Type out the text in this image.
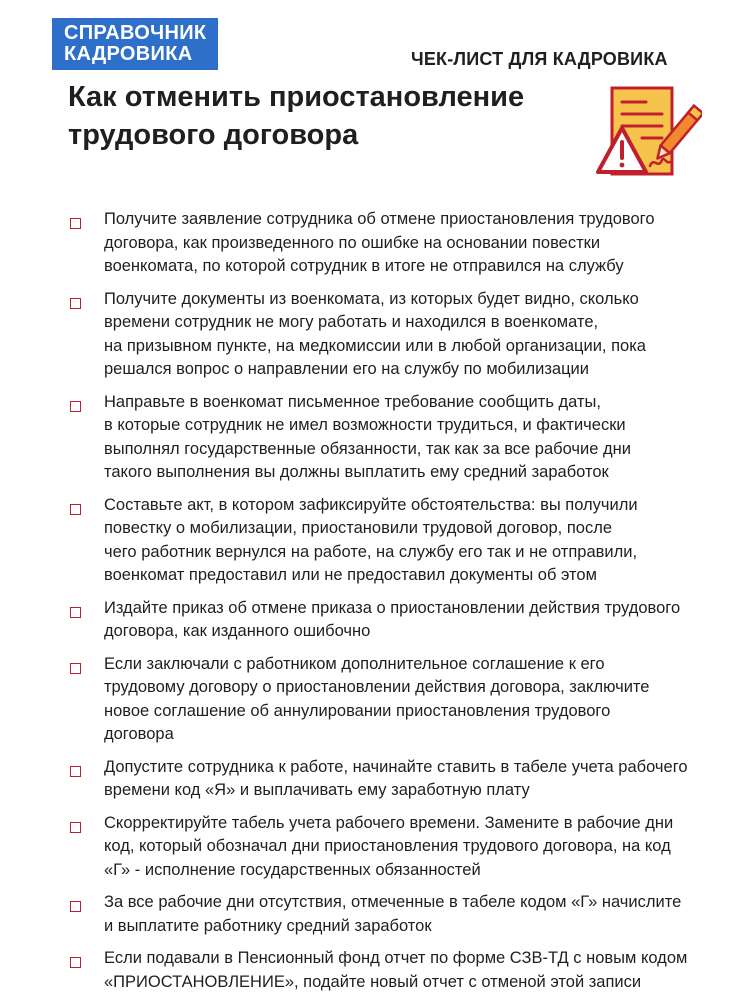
СПРАВОЧНИК
КАДРОВИКА	ЧЕК-ЛИСТ ДЛЯ КАДРОВИКА
Как отменить приостановление
трудового договора
Получите заявление сотрудника об отмене приостановления трудового
договора, как произведенного по ошибке на основании повестки
военкомата, по которой сотрудник в итоге не отправился на службу
Получите документы из военкомата, из которых будет видно, сколько
времени сотрудник не могу работать и находился в военкомате,
на призывном пункте, на медкомиссии или в любой организации, пока
решался вопрос о направлении его на службу по мобилизации
Направьте в военкомат письменное требование сообщить даты,
в которые сотрудник не имел возможности трудиться, и фактически
выполнял государственные обязанности, так как за все рабочие дни
такого выполнения вы должны выплатить ему средний заработок
Составьте акт, в котором зафиксируйте обстоятельства: вы получили
повестку о мобилизации, приостановили трудовой договор, после
чего работник вернулся на работе, на службу его так и не отправили,
военкомат предоставил или не предоставил документы об этом
Издайте приказ об отмене приказа о приостановлении действия трудового
договора, как изданного ошибочно
Если заключали с работником дополнительное соглашение к его
трудовому договору о приостановлении действия договора, заключите
новое соглашение об аннулировании приостановления трудового
договора
Допустите сотрудника к работе, начинайте ставить в табеле учета рабочего
времени код «Я» и выплачивать ему заработную плату
Скорректируйте табель учета рабочего времени. Замените в рабочие дни
код, который обозначал дни приостановления трудового договора, на код
«Г» - исполнение государственных обязанностей
За все рабочие дни отсутствия, отмеченные в табеле кодом «Г» начислите
и выплатите работнику средний заработок
Если подавали в Пенсионный фонд отчет по форме СЗВ-ТД с новым кодом
«ПРИОСТАНОВЛЕНИЕ», подайте новый отчет с отменой этой записи
